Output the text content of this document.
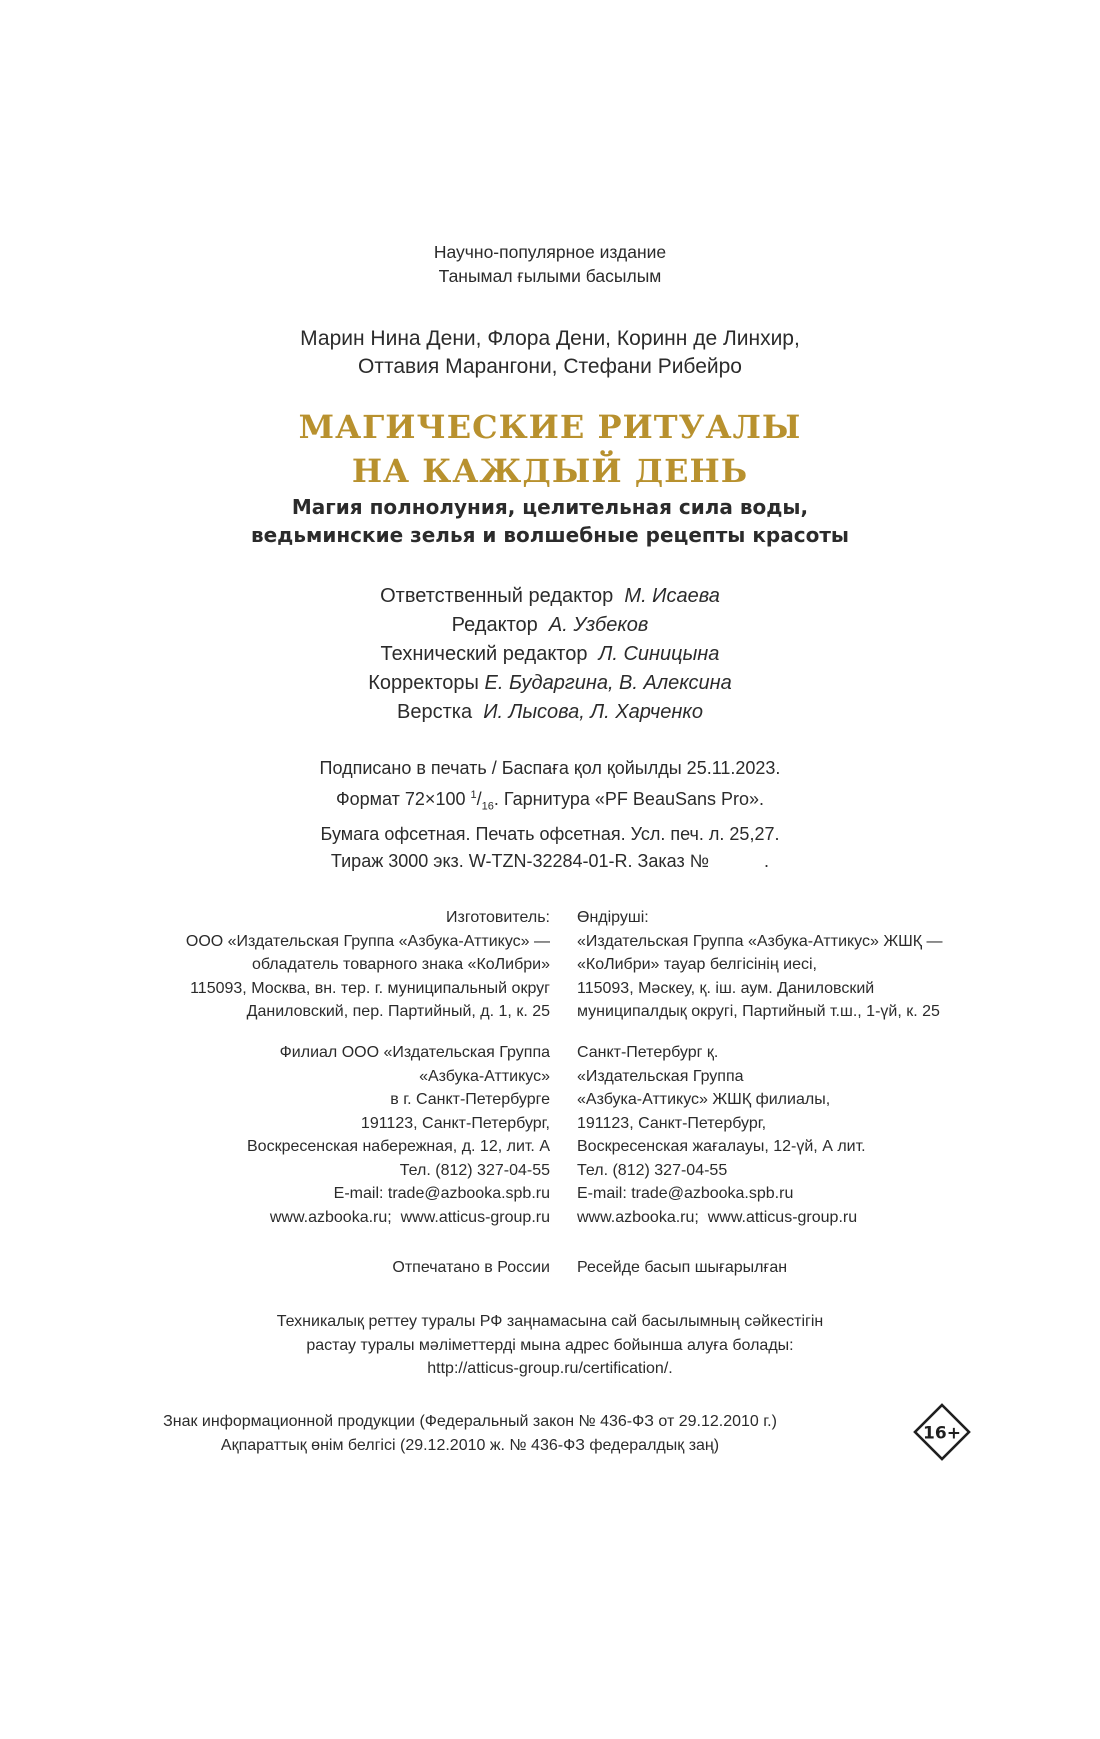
Научно-популярное издание
Танымал ғылыми басылым
Марин Нина Дени, Флора Дени, Коринн де Линхир,
Оттавия Марангони, Стефани Рибейро
МАГИЧЕСКИЕ РИТУАЛЫ
НА КАЖДЫЙ ДЕНЬ
Магия полнолуния, целительная сила воды,
ведьминские зелья и волшебные рецепты красоты
Ответственный редактор М. Исаева
Редактор А. Узбеков
Технический редактор Л. Синицына
Корректоры Е. Бударгина, В. Алексина
Верстка И. Лысова, Л. Харченко
Подписано в печать / Баспаға қол қойылды 25.11.2023.
Формат 72×100 $^1/_{16}$. Гарнитура «PF BeauSans Pro».
Бумага офсетная. Печать офсетная. Усл. печ. л. 25,27.
Тираж 3000 экз. W-TZN-32284-01-R. Заказ №           .
Изготовитель:
ООО «Издательская Группа «Азбука-Аттикус» —
обладатель товарного знака «КоЛибри»
115093, Москва, вн. тер. г. муниципальный округ
Даниловский, пер. Партийный, д. 1, к. 25
Өндіруші:
«Издательская Группа «Азбука-Аттикус» ЖШҚ —
«КоЛибри» тауар белгісінің иесі,
115093, Мәскеу, қ. іш. аум. Даниловский
муниципалдық округі, Партийный т.ш., 1-үй, к. 25
Филиал ООО «Издательская Группа
«Азбука-Аттикус»
в г. Санкт-Петербурге
191123, Санкт-Петербург,
Воскресенская набережная, д. 12, лит. А
Тел. (812) 327-04-55
E-mail: trade@azbooka.spb.ru
www.azbooka.ru;  www.atticus-group.ru
Санкт-Петербург қ.
«Издательская Группа
«Азбука-Аттикус» ЖШҚ филиалы,
191123, Санкт-Петербург,
Воскресенская жағалауы, 12-үй, А лит.
Тел. (812) 327-04-55
E-mail: trade@azbooka.spb.ru
www.azbooka.ru;  www.atticus-group.ru
Отпечатано в России Ресейде басып шығарылған
Техникалық реттеу туралы РФ заңнамасына сай басылымның сәйкестігін
растау туралы мәліметтерді мына адрес бойынша алуға болады:
http://atticus-group.ru/certification/.
Знак информационной продукции (Федеральный закон № 436-ФЗ от 29.12.2010 г.)
Ақпараттық өнім белгісі (29.12.2010 ж. № 436-ФЗ федералдық заң)
16+
